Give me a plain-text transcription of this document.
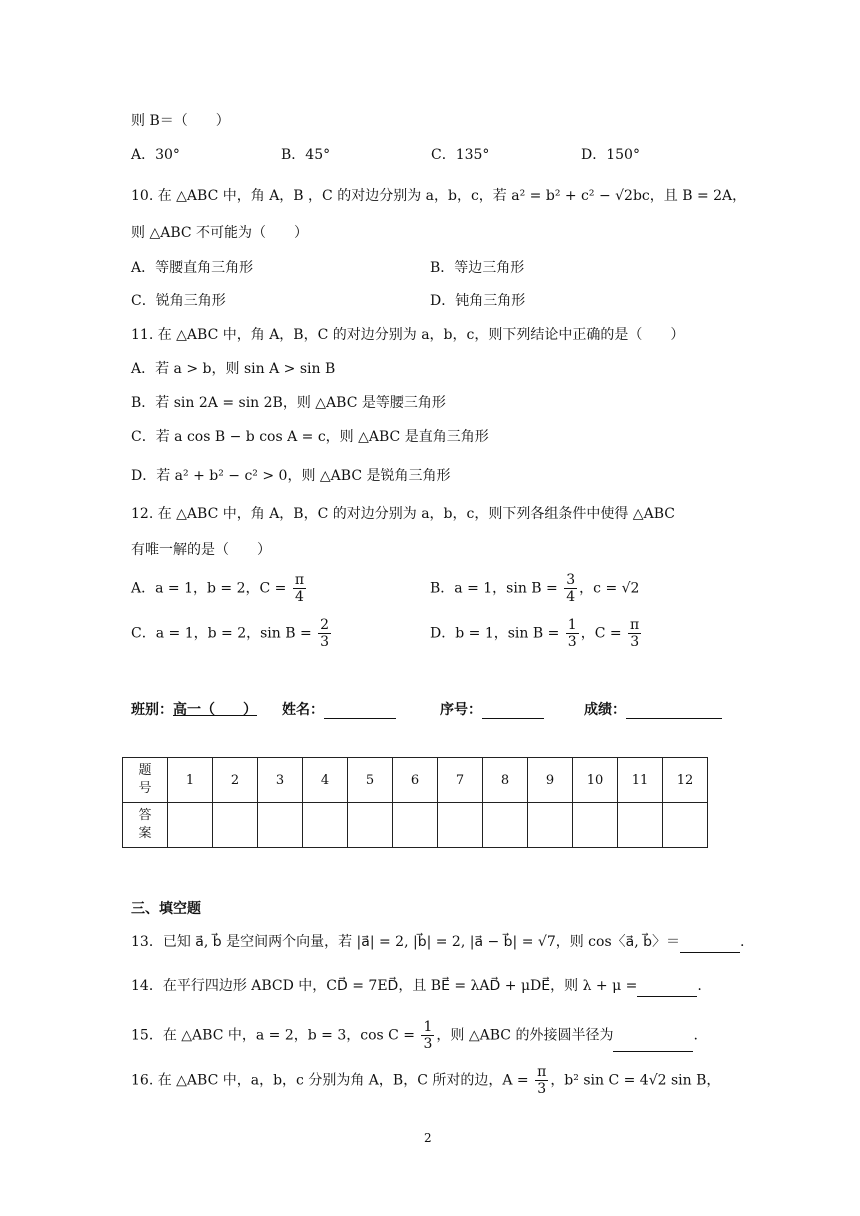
则 B＝（　　）
A．30°	B．45°	C．135°	D．150°
10. 在 △ABC 中，角 A，B ，C 的对边分别为 a，b，c，若 a² = b² + c² − √2bc，且 B = 2A，
则 △ABC 不可能为（　　）
A．等腰直角三角形	B．等边三角形
C．锐角三角形	D．钝角三角形
11. 在 △ABC 中，角 A，B，C 的对边分别为 a，b，c，则下列结论中正确的是（　　）
A．若 a > b，则 sin A > sin B
B．若 sin 2A = sin 2B，则 △ABC 是等腰三角形
C．若 a cos B − b cos A = c，则 △ABC 是直角三角形
D．若 a² + b² − c² > 0，则 △ABC 是锐角三角形
12. 在 △ABC 中，角 A，B，C 的对边分别为 a，b，c，则下列各组条件中使得 △ABC
有唯一解的是（　　）
A．a = 1，b = 2，$C = \frac{\pi}{4}$	B．a = 1，$\sin B = \frac{3}{4}$ ，c = √2
C．a = 1，b = 2，$\sin B = \frac{2}{3}$	D．b = 1，$\sin B = \frac{1}{3}$ ，$C = \frac{\pi}{3}$
班别：高一（　　） 姓名：	序号：	成绩：
题号	1	2	3	4	5	6	7	8	9	10	11	12
答案												
三、填空题
13．已知 a⃗, b⃗ 是空间两个向量，若 |a⃗| = 2, |b⃗| = 2, |a⃗ − b⃗| = √7，则 cos〈a⃗, b⃗〉＝	.
14．在平行四边形 ABCD 中，CD⃗ = 7ED⃗，且 BE⃗ = λAD⃗ + μDE⃗，则 λ + μ =	.
15．在 △ABC 中，a = 2，b = 3，$\cos C = \frac{1}{3}$ ，则 △ABC 的外接圆半径为	.
16. 在 △ABC 中，a，b，c 分别为角 A，B，C 所对的边，$A = \frac{\pi}{3}$ ，b² sin C = 4√2 sin B，
2
